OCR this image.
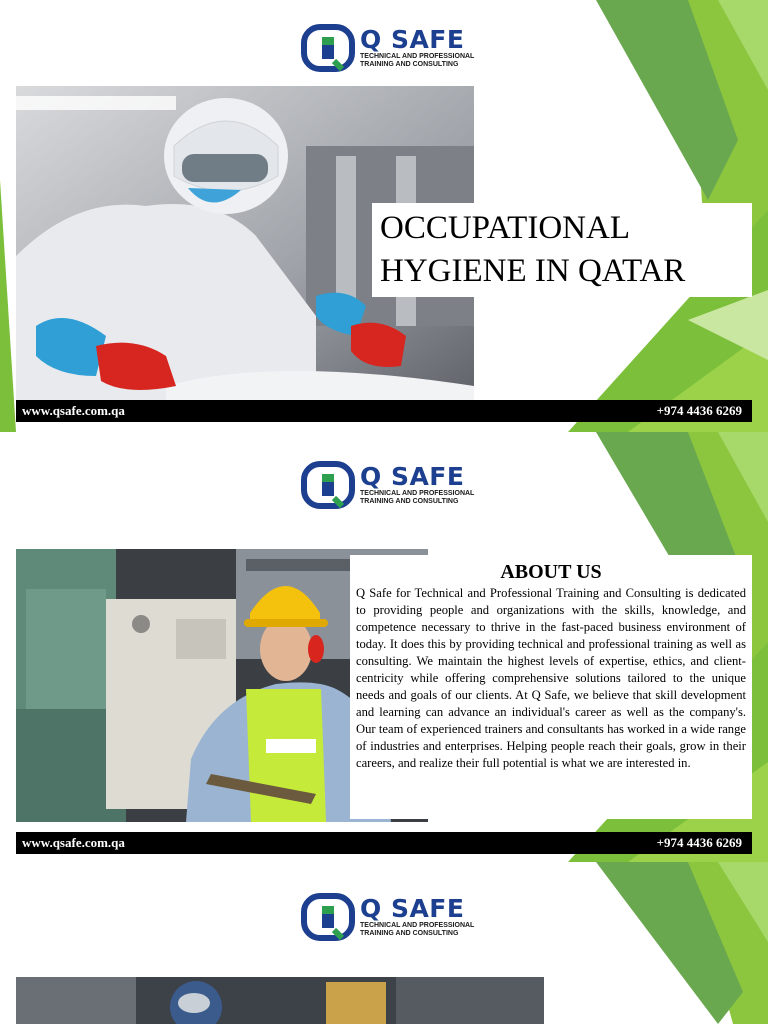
Q SAFE
TECHNICAL AND PROFESSIONAL
TRAINING AND CONSULTING

OCCUPATIONAL

HYGIENE IN QATAR

www.qsafe.com.qa	+974 4436 6269
Q SAFE
TECHNICAL AND PROFESSIONAL
TRAINING AND CONSULTING

ABOUT US

Q Safe for Technical and Professional Training and Consulting is dedicated to providing people and organizations with the skills, knowledge, and competence necessary to thrive in the fast-paced business environment of today. It does this by providing technical and professional training as well as consulting. We maintain the highest levels of expertise, ethics, and client-centricity while offering comprehensive solutions tailored to the unique needs and goals of our clients. At Q Safe, we believe that skill development and learning can advance an individual's career as well as the company's. Our team of experienced trainers and consultants has worked in a wide range of industries and enterprises. Helping people reach their goals, grow in their careers, and realize their full potential is what we are interested in.

www.qsafe.com.qa	+974 4436 6269
Q SAFE
TECHNICAL AND PROFESSIONAL
TRAINING AND CONSULTING
